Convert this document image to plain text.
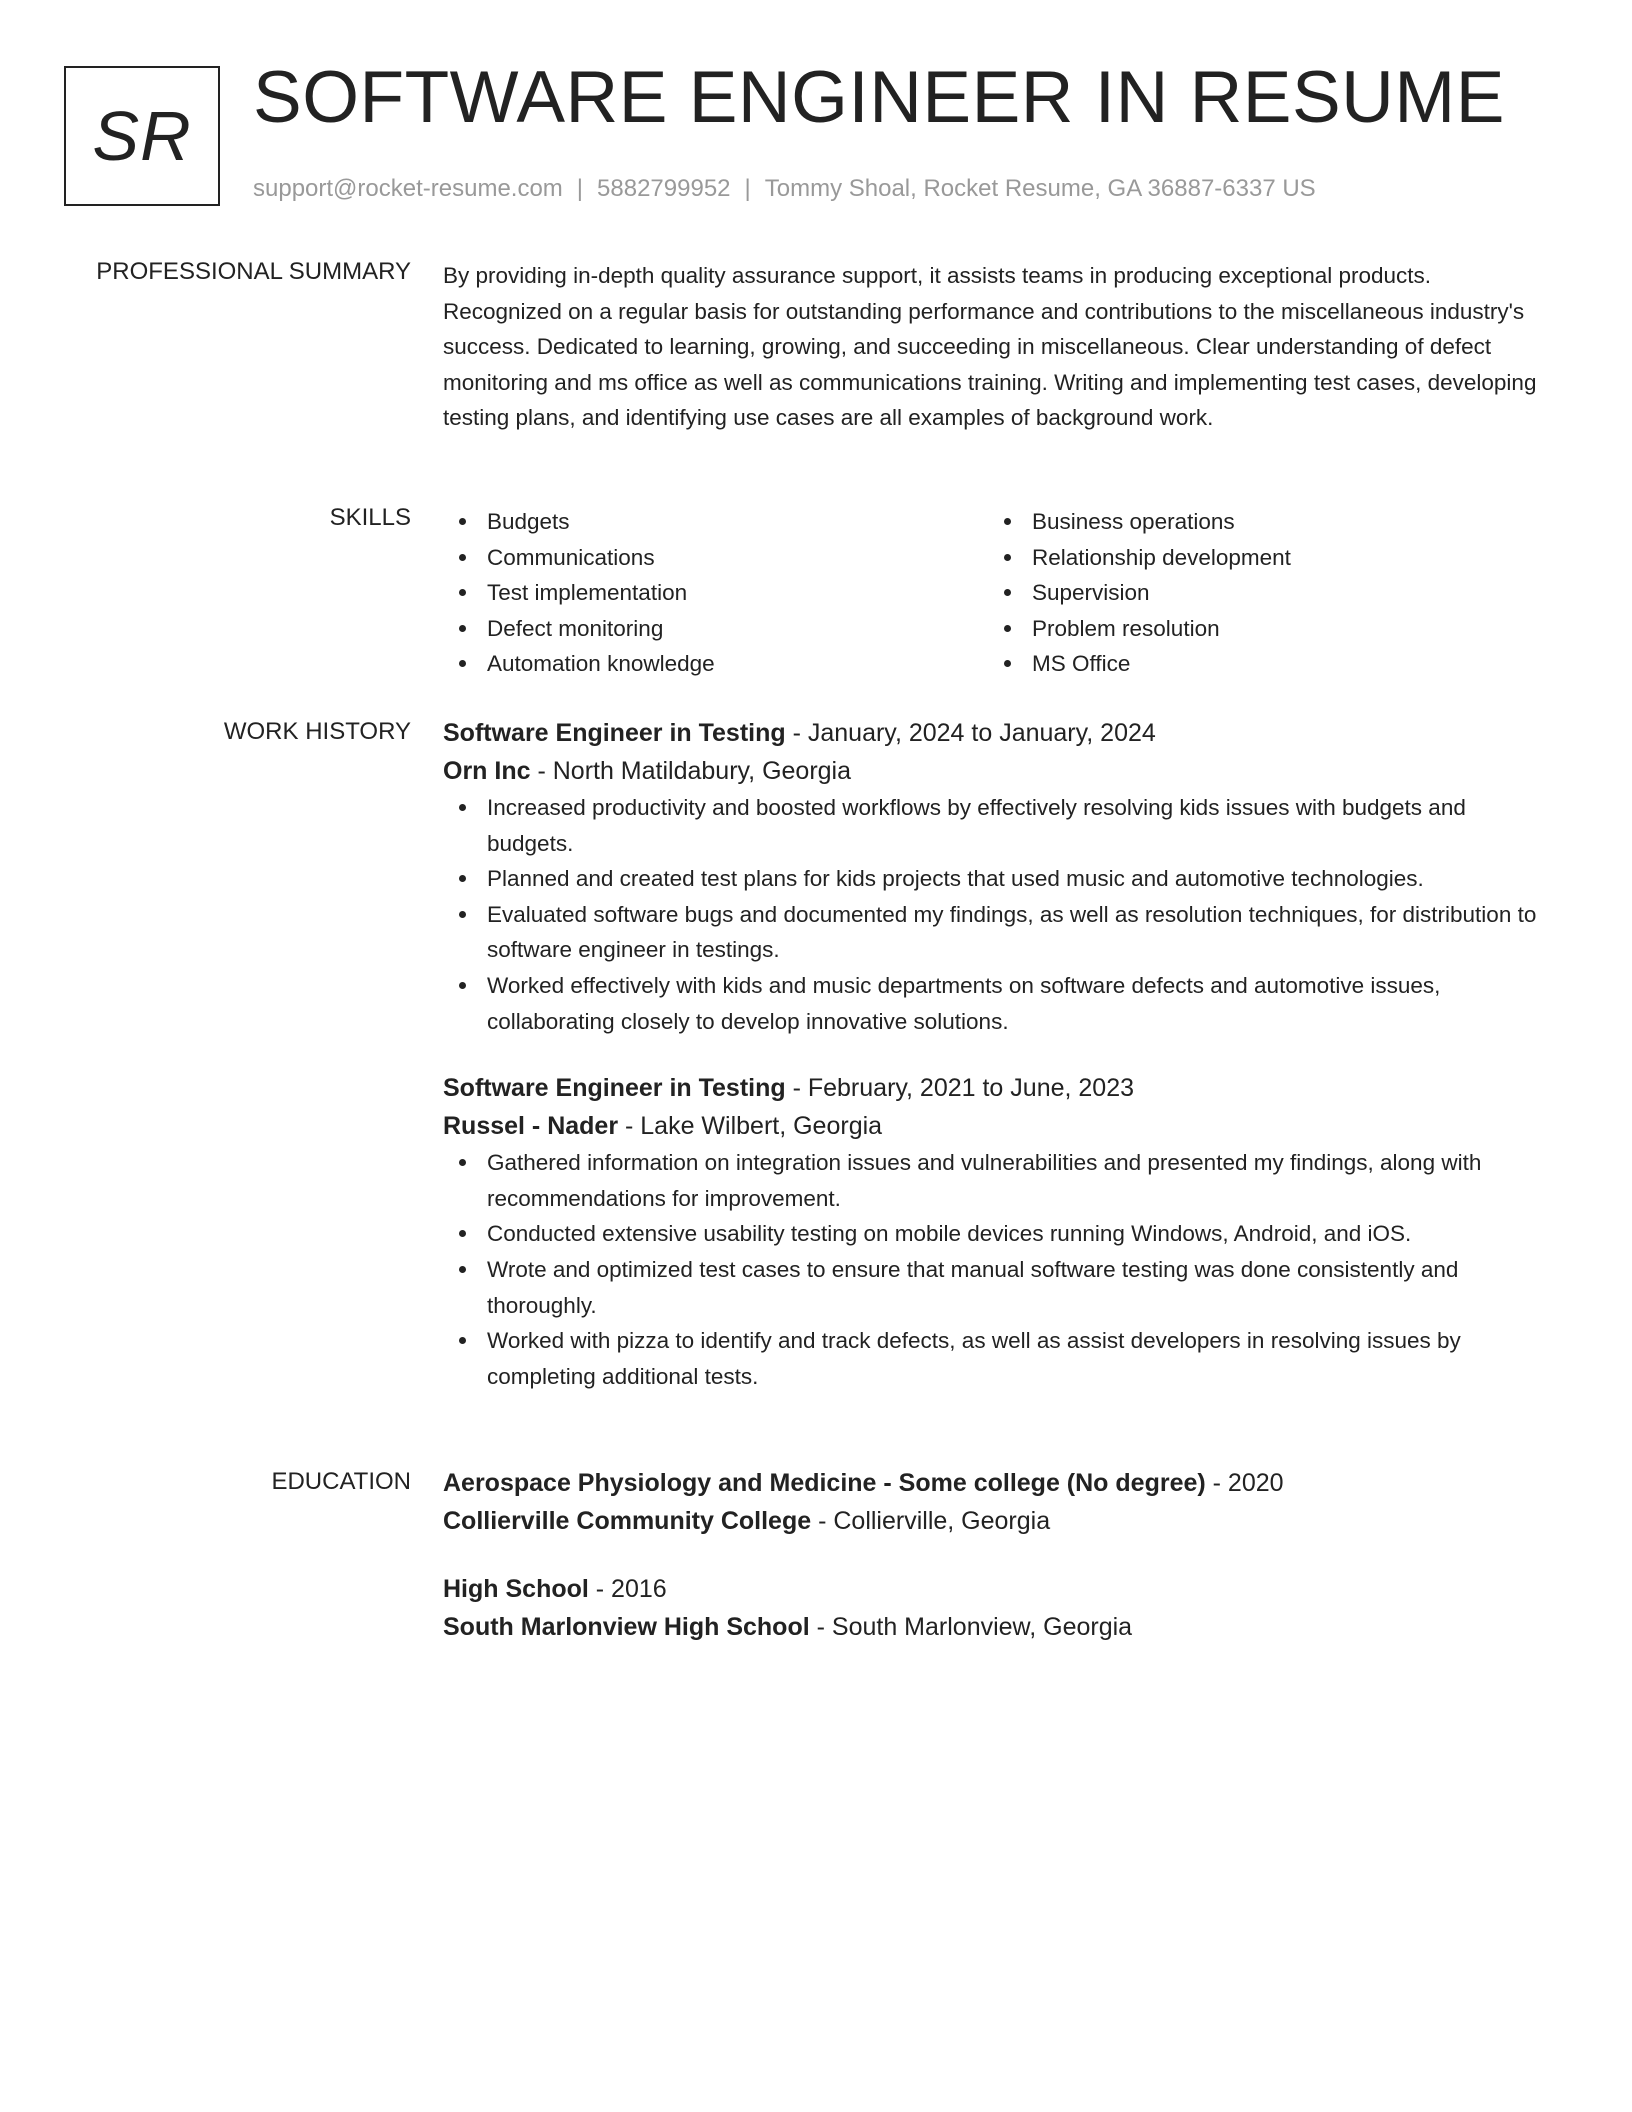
SR SOFTWARE ENGINEER IN RESUME
support@rocket-resume.com | 5882799952 | Tommy Shoal, Rocket Resume, GA 36887-6337 US
PROFESSIONAL SUMMARY By providing in-depth quality assurance support, it assists teams in producing exceptional products. Recognized on a regular basis for outstanding performance and contributions to the miscellaneous industry's success. Dedicated to learning, growing, and succeeding in miscellaneous. Clear understanding of defect monitoring and ms office as well as communications training. Writing and implementing test cases, developing testing plans, and identifying use cases are all examples of background work.

SKILLS	Budgets
Communications
Test implementation
Defect monitoring
Automation knowledge
Business operations
Relationship development
Supervision
Problem resolution
MS Office
WORK HISTORY Software Engineer in Testing - January, 2024 to January, 2024
Orn Inc - North Matildabury, Georgia
Increased productivity and boosted workflows by effectively resolving kids issues with budgets and budgets.
Planned and created test plans for kids projects that used music and automotive technologies.
Evaluated software bugs and documented my findings, as well as resolution techniques, for distribution to software engineer in testings.
Worked effectively with kids and music departments on software defects and automotive issues, collaborating closely to develop innovative solutions.
Software Engineer in Testing - February, 2021 to June, 2023
Russel - Nader - Lake Wilbert, Georgia
Gathered information on integration issues and vulnerabilities and presented my findings, along with recommendations for improvement.
Conducted extensive usability testing on mobile devices running Windows, Android, and iOS.
Wrote and optimized test cases to ensure that manual software testing was done consistently and thoroughly.
Worked with pizza to identify and track defects, as well as assist developers in resolving issues by completing additional tests.
EDUCATION Aerospace Physiology and Medicine - Some college (No degree) - 2020
Collierville Community College - Collierville, Georgia
High School - 2016
South Marlonview High School - South Marlonview, Georgia
